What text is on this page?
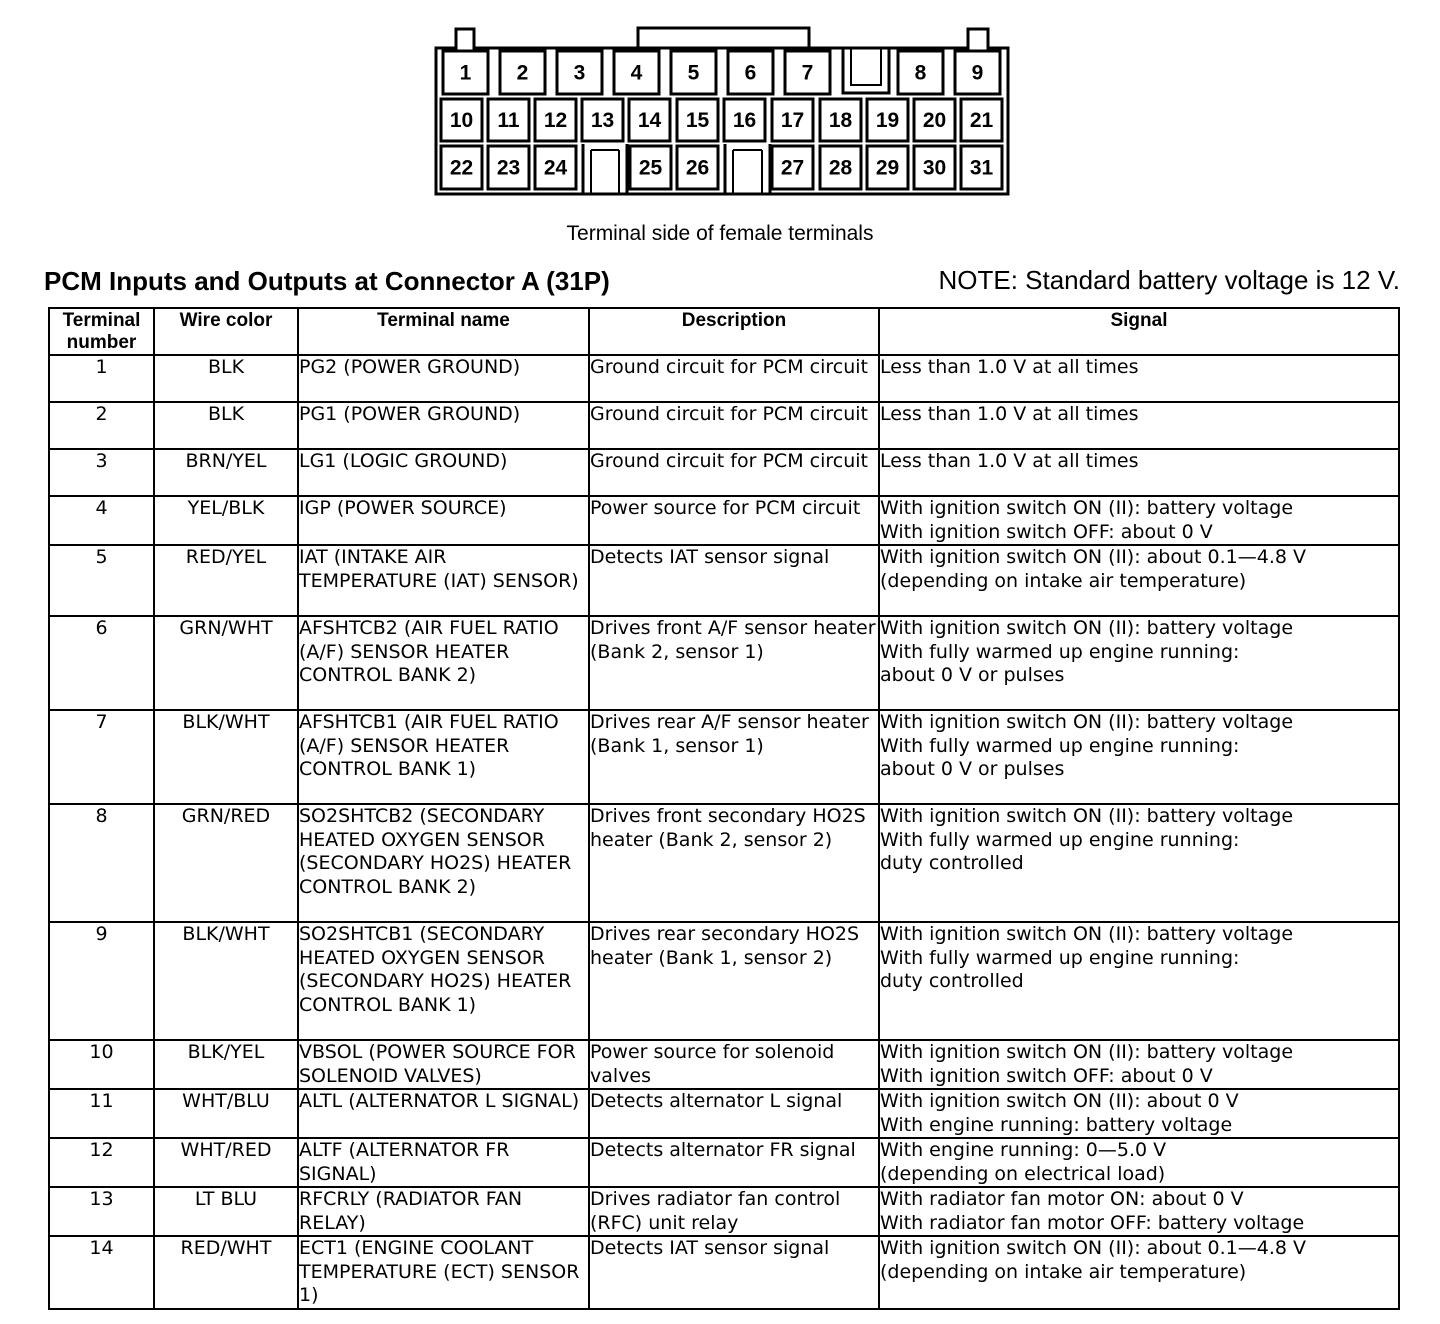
1 2 3 4 5 6 7	8 9
10 11 12 13 14 15 16 17 18 19 20 21
22 23 24	25 26	27 28 29 30 31
Terminal side of female terminals
PCM Inputs and Outputs at Connector A (31P)	NOTE: Standard battery voltage is 12 V.
Terminal
number	Wire color	Terminal name	Description	Signal

1	BLK	PG2 (POWER GROUND)	Ground circuit for PCM circuit	Less than 1.0 V at all times

2	BLK	PG1 (POWER GROUND)	Ground circuit for PCM circuit	Less than 1.0 V at all times

3	BRN/YEL	LG1 (LOGIC GROUND)	Ground circuit for PCM circuit	Less than 1.0 V at all times

4	YEL/BLK	IGP (POWER SOURCE)	Power source for PCM circuit	With ignition switch ON (II): battery voltage
With ignition switch OFF: about 0 V

5	RED/YEL	IAT (INTAKE AIR TEMPERATURE (IAT) SENSOR)	Detects IAT sensor signal	With ignition switch ON (II): about 0.1—4.8 V
(depending on intake air temperature)

6	GRN/WHT	AFSHTCB2 (AIR FUEL RATIO (A/F) SENSOR HEATER CONTROL BANK 2)	Drives front A/F sensor heater (Bank 2, sensor 1)	With ignition switch ON (II): battery voltage
With fully warmed up engine running:
about 0 V or pulses

7	BLK/WHT	AFSHTCB1 (AIR FUEL RATIO (A/F) SENSOR HEATER CONTROL BANK 1)	Drives rear A/F sensor heater (Bank 1, sensor 1)	With ignition switch ON (II): battery voltage
With fully warmed up engine running:
about 0 V or pulses

8	GRN/RED	SO2SHTCB2 (SECONDARY HEATED OXYGEN SENSOR (SECONDARY HO2S) HEATER CONTROL BANK 2)	Drives front secondary HO2S heater (Bank 2, sensor 2)	With ignition switch ON (II): battery voltage
With fully warmed up engine running:
duty controlled

9	BLK/WHT	SO2SHTCB1 (SECONDARY HEATED OXYGEN SENSOR (SECONDARY HO2S) HEATER CONTROL BANK 1)	Drives rear secondary HO2S heater (Bank 1, sensor 2)	With ignition switch ON (II): battery voltage
With fully warmed up engine running:
duty controlled

10	BLK/YEL	VBSOL (POWER SOURCE FOR SOLENOID VALVES)	Power source for solenoid valves	With ignition switch ON (II): battery voltage
With ignition switch OFF: about 0 V

11	WHT/BLU	ALTL (ALTERNATOR L SIGNAL)	Detects alternator L signal	With ignition switch ON (II): about 0 V
With engine running: battery voltage

12	WHT/RED	ALTF (ALTERNATOR FR SIGNAL)	Detects alternator FR signal	With engine running: 0—5.0 V
(depending on electrical load)

13	LT BLU	RFCRLY (RADIATOR FAN RELAY)	Drives radiator fan control (RFC) unit relay	With radiator fan motor ON: about 0 V
With radiator fan motor OFF: battery voltage

14	RED/WHT	ECT1 (ENGINE COOLANT TEMPERATURE (ECT) SENSOR 1)	Detects IAT sensor signal	With ignition switch ON (II): about 0.1—4.8 V
(depending on intake air temperature)
